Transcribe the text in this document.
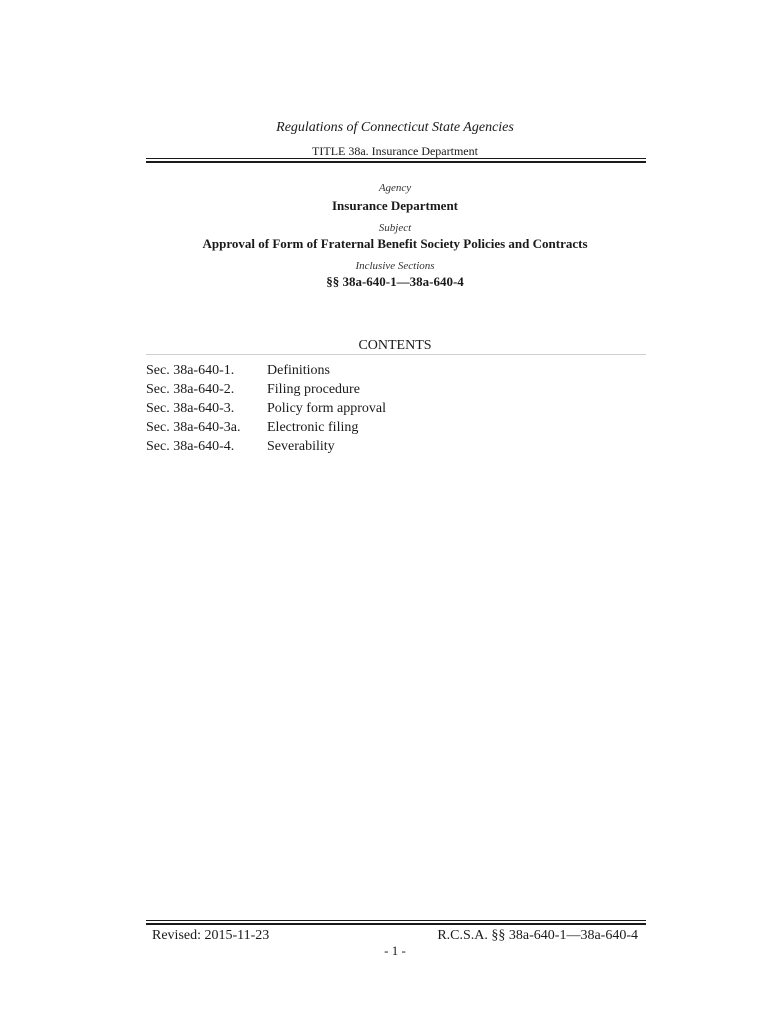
Regulations of Connecticut State Agencies
TITLE 38a. Insurance Department
Agency
Insurance Department
Subject
Approval of Form of Fraternal Benefit Society Policies and Contracts
Inclusive Sections
§§ 38a-640-1—38a-640-4
CONTENTS
Sec. 38a-640-1.	Definitions
Sec. 38a-640-2.	Filing procedure
Sec. 38a-640-3.	Policy form approval
Sec. 38a-640-3a.	Electronic filing
Sec. 38a-640-4.	Severability
Revised: 2015-11-23	R.C.S.A. §§ 38a-640-1—38a-640-4
- 1 -
